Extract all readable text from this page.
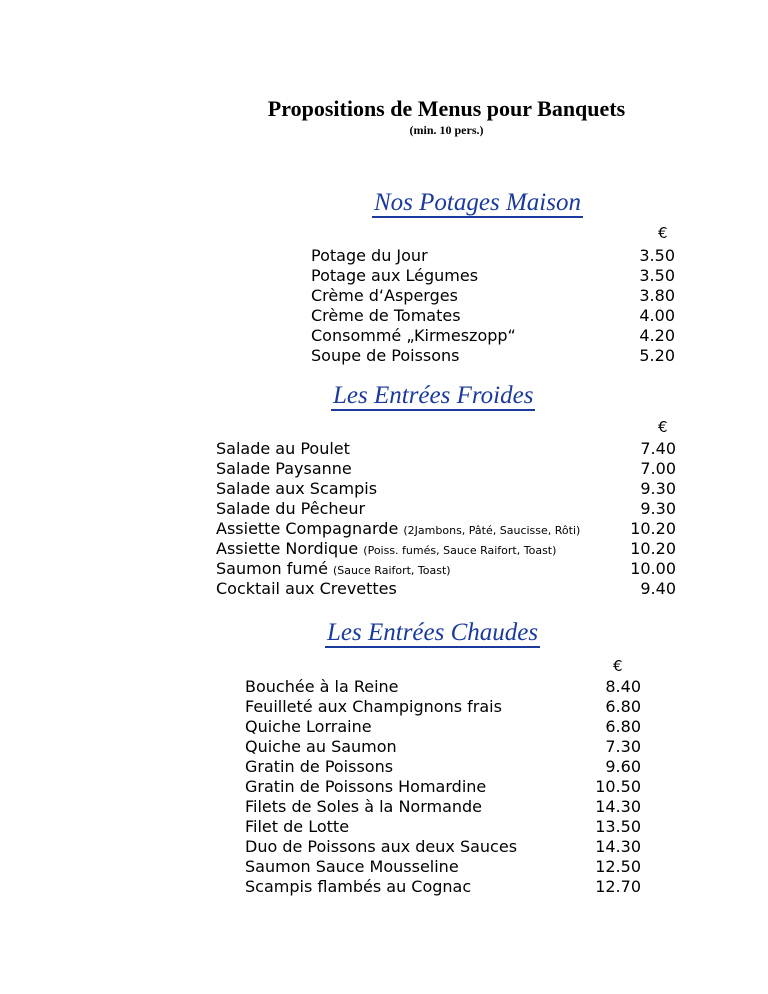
Propositions de Menus pour Banquets
(min. 10 pers.)
Nos Potages Maison
€
Potage du Jour	3.50
Potage aux Légumes	3.50
Crème d‘Asperges	3.80
Crème de Tomates	4.00
Consommé „Kirmeszopp“	4.20
Soupe de Poissons	5.20
Les Entrées Froides
€
Salade au Poulet	7.40
Salade Paysanne	7.00
Salade aux Scampis	9.30
Salade du Pêcheur	9.30
Assiette Compagnarde (2Jambons, Pâté, Saucisse, Rôti)	10.20
Assiette Nordique (Poiss. fumés, Sauce Raifort, Toast)	10.20
Saumon fumé (Sauce Raifort, Toast)	10.00
Cocktail aux Crevettes	9.40
Les Entrées Chaudes
€
Bouchée à la Reine	8.40
Feuilleté aux Champignons frais	6.80
Quiche Lorraine	6.80
Quiche au Saumon	7.30
Gratin de Poissons	9.60
Gratin de Poissons Homardine	10.50
Filets de Soles à la Normande	14.30
Filet de Lotte	13.50
Duo de Poissons aux deux Sauces	14.30
Saumon Sauce Mousseline	12.50
Scampis flambés au Cognac	12.70
